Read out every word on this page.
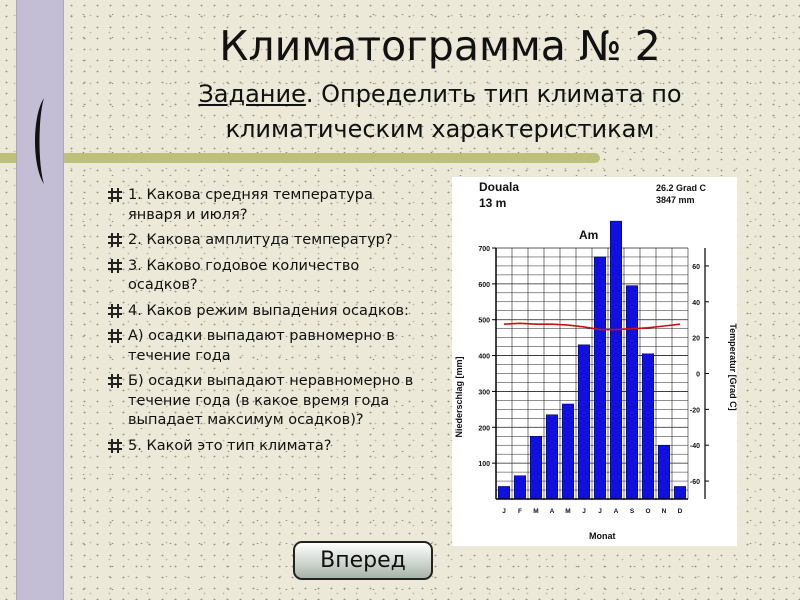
Климатограмма № 2
Задание. Определить тип климата по климатическим характеристикам
1. Какова средняя температура января и июля?
2. Какова амплитуда температур?
3. Каково годовое количество осадков?
4. Каков режим выпадения осадков:
А) осадки выпадают равномерно в течение года
Б) осадки выпадают неравномерно в течение года (в какое время года выпадает максимум осадков)?
5. Какой это тип климата?
Douala
13 m
26.2 Grad C
3847 mm
Am
Monat
Niederschlag [mm]	Temperatur [Grad C]
100
200
300
400
500
600
700
-60
-40
-20
0
20
40
60
J F M A M J J A S O N D
Вперед
